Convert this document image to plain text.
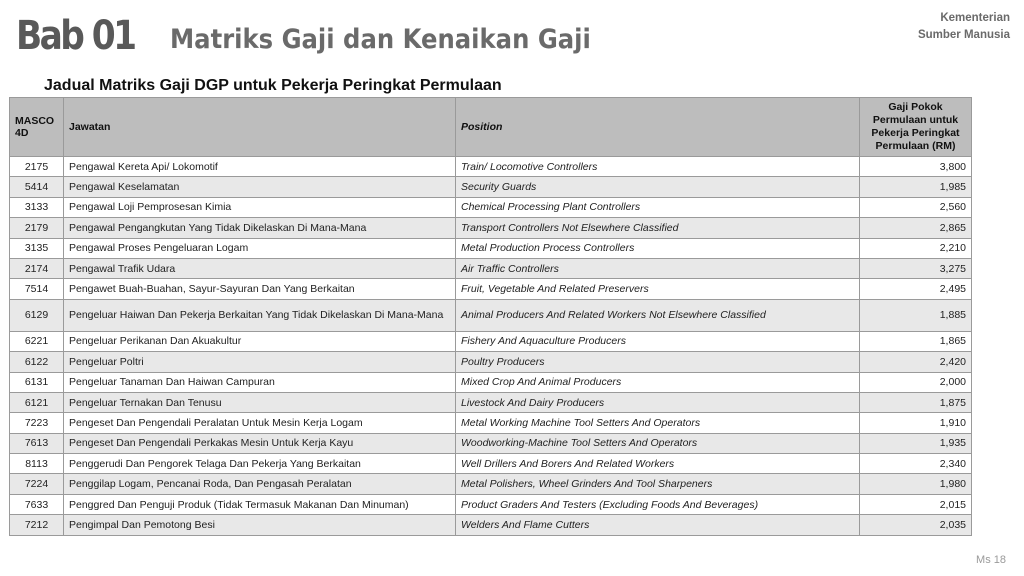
Bab 01 Matriks Gaji dan Kenaikan Gaji
Kementerian
Sumber Manusia
Jadual Matriks Gaji DGP untuk Pekerja Peringkat Permulaan
MASCO 4D	Jawatan	Position	Gaji Pokok Permulaan untuk Pekerja Peringkat Permulaan (RM)
2175	Pengawal Kereta Api/ Lokomotif	Train/ Locomotive Controllers	3,800
5414	Pengawal Keselamatan	Security Guards	1,985
3133	Pengawal Loji Pemprosesan Kimia	Chemical Processing Plant Controllers	2,560
2179	Pengawal Pengangkutan Yang Tidak Dikelaskan Di Mana-Mana	Transport Controllers Not Elsewhere Classified	2,865
3135	Pengawal Proses Pengeluaran Logam	Metal Production Process Controllers	2,210
2174	Pengawal Trafik Udara	Air Traffic Controllers	3,275
7514	Pengawet Buah-Buahan, Sayur-Sayuran Dan Yang Berkaitan	Fruit, Vegetable And Related Preservers	2,495
6129	Pengeluar Haiwan Dan Pekerja Berkaitan Yang Tidak Dikelaskan Di Mana-Mana	Animal Producers And Related Workers Not Elsewhere Classified	1,885
6221	Pengeluar Perikanan Dan Akuakultur	Fishery And Aquaculture Producers	1,865
6122	Pengeluar Poltri	Poultry Producers	2,420
6131	Pengeluar Tanaman Dan Haiwan Campuran	Mixed Crop And Animal Producers	2,000
6121	Pengeluar Ternakan Dan Tenusu	Livestock And Dairy Producers	1,875
7223	Pengeset Dan Pengendali Peralatan Untuk Mesin Kerja Logam	Metal Working Machine Tool Setters And Operators	1,910
7613	Pengeset Dan Pengendali Perkakas Mesin Untuk Kerja Kayu	Woodworking-Machine Tool Setters And Operators	1,935
8113	Penggerudi Dan Pengorek Telaga Dan Pekerja Yang Berkaitan	Well Drillers And Borers And Related Workers	2,340
7224	Penggilap Logam, Pencanai Roda, Dan Pengasah Peralatan	Metal Polishers, Wheel Grinders And Tool Sharpeners	1,980
7633	Penggred Dan Penguji Produk (Tidak Termasuk Makanan Dan Minuman)	Product Graders And Testers (Excluding Foods And Beverages)	2,015
7212	Pengimpal Dan Pemotong Besi	Welders And Flame Cutters	2,035
Ms 18
